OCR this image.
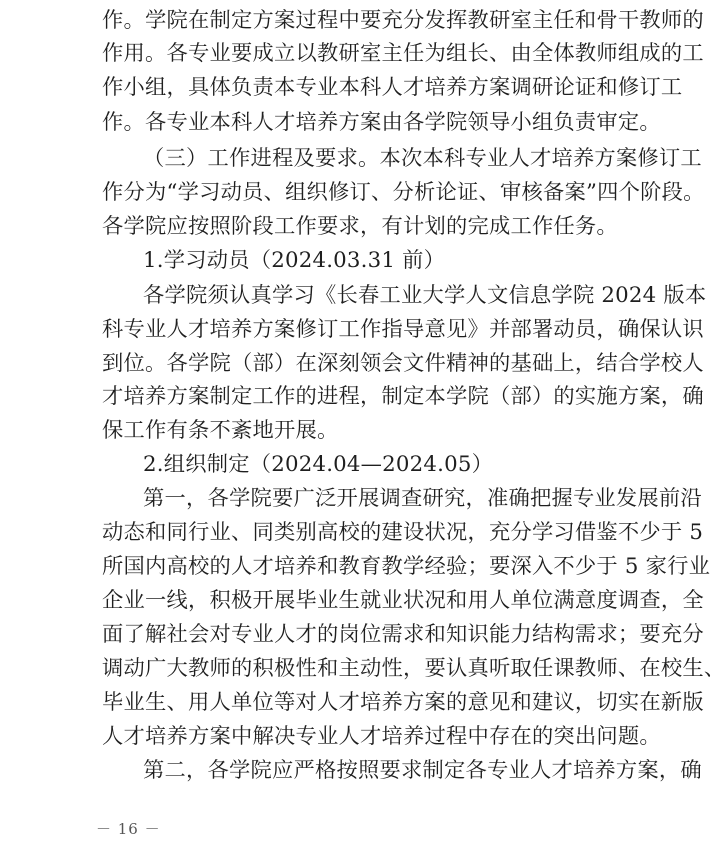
作。学院在制定方案过程中要充分发挥教研室主任和骨干教师的
作用。各专业要成立以教研室主任为组长、由全体教师组成的工
作小组，具体负责本专业本科人才培养方案调研论证和修订工
作。各专业本科人才培养方案由各学院领导小组负责审定。
（三）工作进程及要求。本次本科专业人才培养方案修订工
作分为“学习动员、组织修订、分析论证、审核备案”四个阶段。
各学院应按照阶段工作要求，有计划的完成工作任务。
1.学习动员（2024.03.31 前）
各学院须认真学习《长春工业大学人文信息学院 2024 版本
科专业人才培养方案修订工作指导意见》并部署动员，确保认识
到位。各学院（部）在深刻领会文件精神的基础上，结合学校人
才培养方案制定工作的进程，制定本学院（部）的实施方案，确
保工作有条不紊地开展。
2.组织制定（2024.04—2024.05）
第一，各学院要广泛开展调查研究，准确把握专业发展前沿
动态和同行业、同类别高校的建设状况，充分学习借鉴不少于 5
所国内高校的人才培养和教育教学经验；要深入不少于 5 家行业
企业一线，积极开展毕业生就业状况和用人单位满意度调查，全
面了解社会对专业人才的岗位需求和知识能力结构需求；要充分
调动广大教师的积极性和主动性，要认真听取任课教师、在校生、
毕业生、用人单位等对人才培养方案的意见和建议，切实在新版
人才培养方案中解决专业人才培养过程中存在的突出问题。
第二，各学院应严格按照要求制定各专业人才培养方案，确
－ 16 －
